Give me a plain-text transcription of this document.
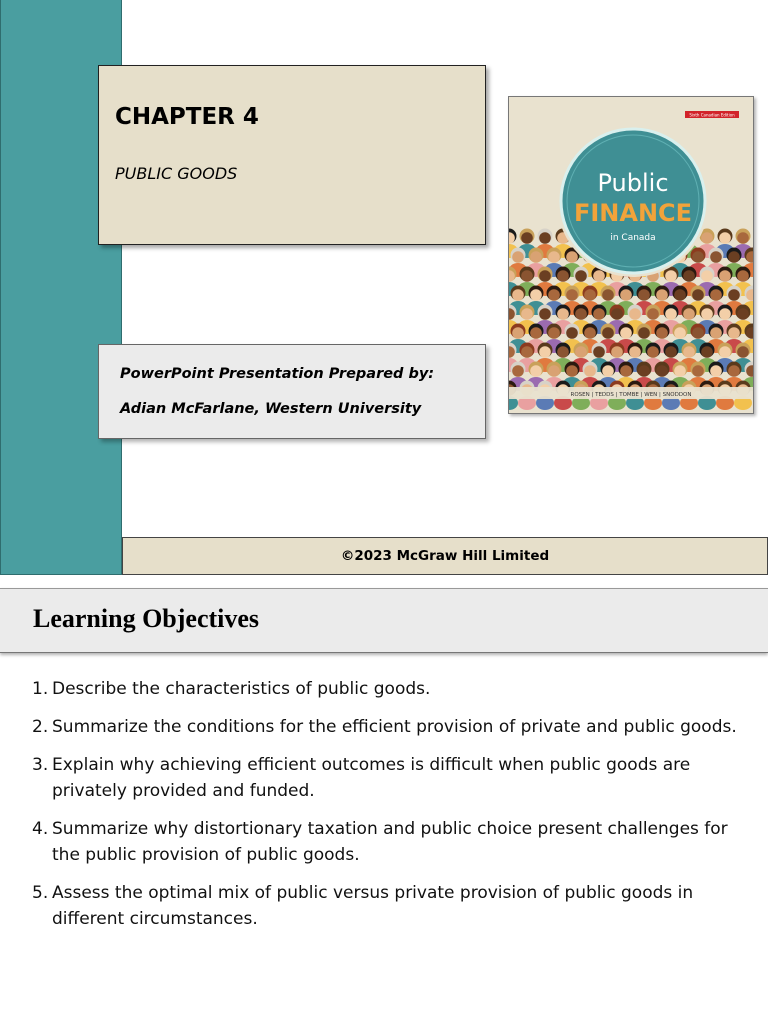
CHAPTER 4
PUBLIC GOODS
PowerPoint Presentation Prepared by:
Adian McFarlane, Western University
Sixth Canadian Edition
Public
FINANCE
in Canada
ROSEN | TEDDS | TOMBE | WEN | SNODDON
©2023 McGraw Hill Limited
Learning Objectives
1. Describe the characteristics of public goods.
2. Summarize the conditions for the efficient provision of private and public goods.
3. Explain why achieving efficient outcomes is difficult when public goods are privately provided and funded.
4. Summarize why distortionary taxation and public choice present challenges for the public provision of public goods.
5. Assess the optimal mix of public versus private provision of public goods in different circumstances.
